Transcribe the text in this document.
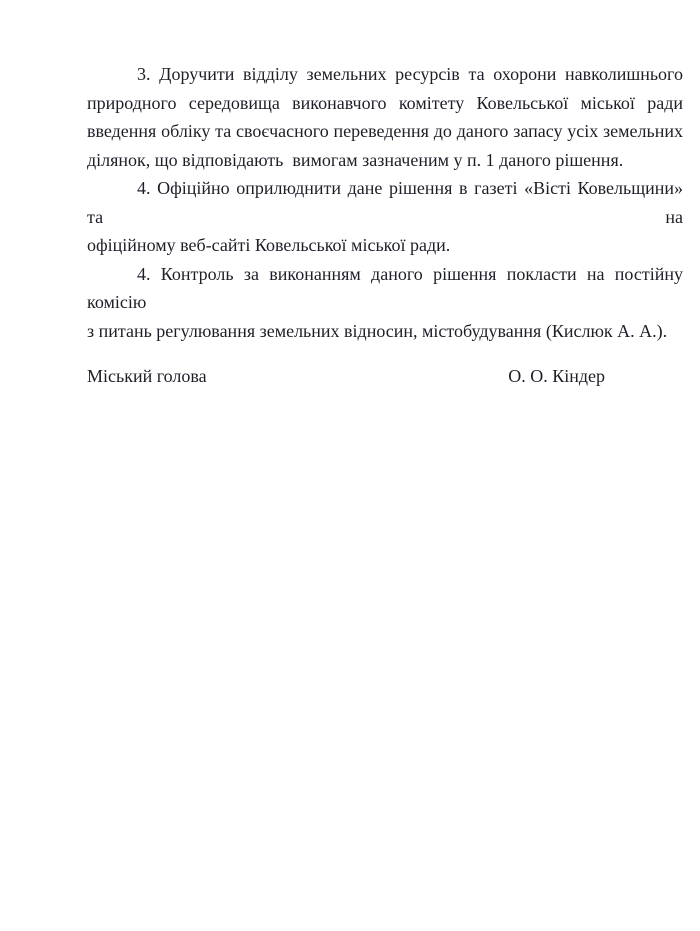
3. Доручити відділу земельних ресурсів та охорони навколишнього
природного середовища виконавчого комітету Ковельської міської ради
введення обліку та своєчасного переведення до даного запасу усіх земельних
ділянок, що відповідають  вимогам зазначеним у п. 1 даного рішення.
4. Офіційно оприлюднити дане рішення в газеті «Вісті Ковельщини» та на
офіційному веб-сайті Ковельської міської ради.
4. Контроль за виконанням даного рішення покласти на постійну комісію
з питань регулювання земельних відносин, містобудування (Кислюк А. А.).
Міський голова	О. О. Кіндер
